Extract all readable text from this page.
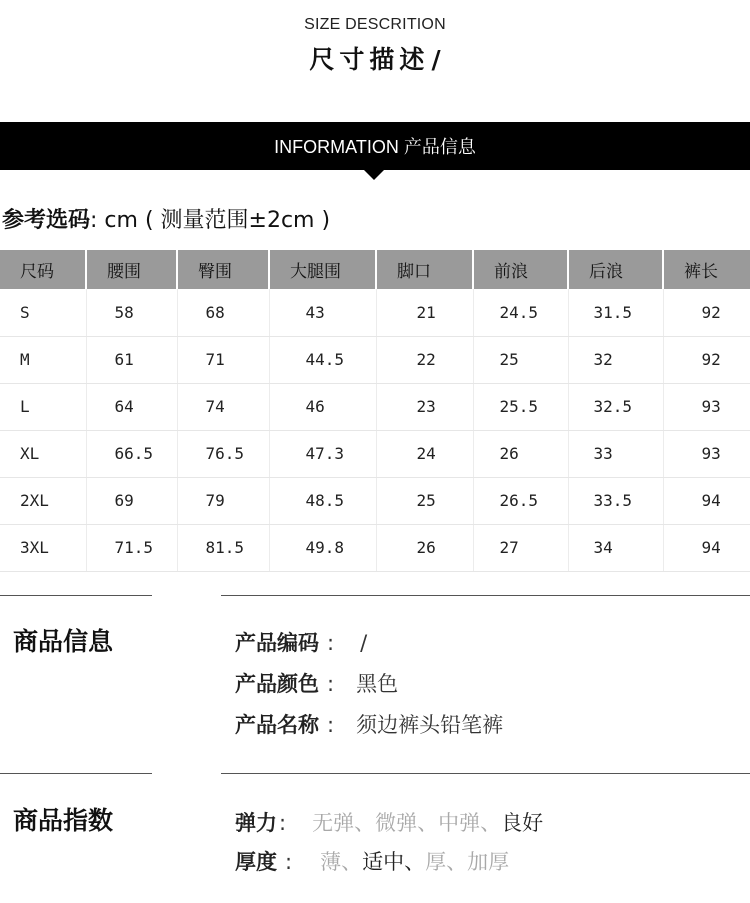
SIZE DESCRITION
尺寸描述/
INFORMATION 产品信息
参考选码: cm ( 测量范围±2cm )
尺码	腰围	臀围	大腿围	脚口	前浪	后浪	裤长
S	58	68	43	21	24.5	31.5	92
M	61	71	44.5	22	25	32	92
L	64	74	46	23	25.5	32.5	93
XL	66.5	76.5	47.3	24	26	33	93
2XL	69	79	48.5	25	26.5	33.5	94
3XL	71.5	81.5	49.8	26	27	34	94
商品信息	产品编码 : /
产品颜色 : 黑色
产品名称 : 须边裤头铅笔裤
商品指数	弹力 : 无弹、微弹、中弹、良好
厚度 : 薄、适中、厚、加厚
